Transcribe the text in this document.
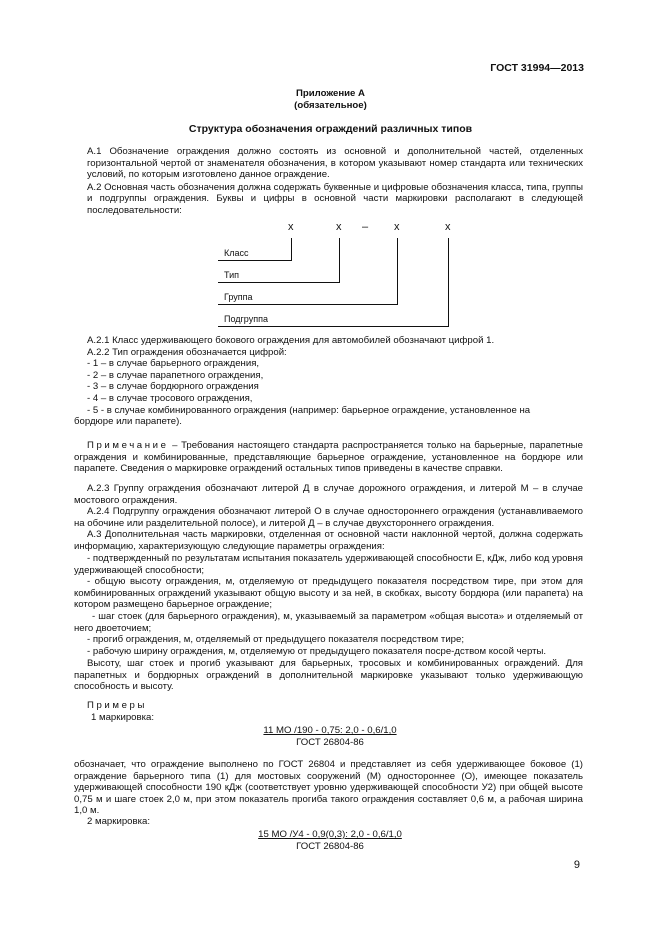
ГОСТ 31994—2013
Приложение А
(обязательное)
Структура обозначения ограждений различных типов

А.1 Обозначение ограждения должно состоять из основной и дополнительной частей, отделенных горизонтальной чертой от знаменателя обозначения, в котором указывают номер стандарта или технических условий, по которым изготовлено данное ограждение.

А.2 Основная часть обозначения должна содержать буквенные и цифровые обозначения класса, типа, группы и подгруппы ограждения. Буквы и цифры в основной части маркировки располагают в следующей последовательности:

х	х – х	х
Класс
Тип
Группа
Подгруппа
А.2.1 Класс удерживающего бокового ограждения для автомобилей обозначают цифрой 1.
А.2.2 Тип ограждения обозначается цифрой:
- 1 – в случае барьерного ограждения,
- 2 – в случае парапетного ограждения,
- 3 – в случае бордюрного ограждения
- 4 – в случае тросового ограждения,
- 5 - в случае комбинированного ограждения (например: барьерное ограждение, установленное на
бордюре или парапете).

Примечание – Требования настоящего стандарта распространяется только на барьерные, парапетные ограждения и комбинированные, представляющие барьерное ограждение, установленное на бордюре или парапете. Сведения о маркировке ограждений остальных типов приведены в качестве справки.

А.2.3 Группу ограждения обозначают литерой Д в случае дорожного ограждения, и литерой М – в случае мостового ограждения.

А.2.4 Подгруппу ограждения обозначают литерой О в случае одностороннего ограждения (устанавливаемого на обочине или разделительной полосе), и литерой Д – в случае двухстороннего ограждения.

А.3 Дополнительная часть маркировки, отделенная от основной части наклонной чертой, должна содержать информацию, характеризующую следующие параметры ограждения:

- подтвержденный по результатам испытания показатель удерживающей способности Е, кДж, либо код уровня удерживающей способности;

- общую высоту ограждения, м, отделяемую от предыдущего показателя посредством тире, при этом для комбинированных ограждений указывают общую высоту и за ней, в скобках, высоту бордюра (или парапета) на котором размещено барьерное ограждение;

- шаг стоек (для барьерного ограждения), м, указываемый за параметром «общая высота» и отделяемый от него двоеточием;

- прогиб ограждения, м, отделяемый от предыдущего показателя посредством тире;

- рабочую ширину ограждения, м, отделяемую от предыдущего показателя посре-дством косой черты.

Высоту, шаг стоек и прогиб указывают для барьерных, тросовых и комбинированных ограждений. Для парапетных и бордюрных ограждений в дополнительной маркировке указывают только удерживающую способность и высоту.

Примеры
1 маркировка:
11 МО /190 - 0,75: 2,0 - 0,6/1,0
ГОСТ 26804-86

обозначает, что ограждение выполнено по ГОСТ 26804 и представляет из себя удерживающее боковое (1) ограждение барьерного типа (1) для мостовых сооружений (М) одностороннее (О), имеющее показатель удерживающей способности 190 кДж (соответствует уровню удерживающей способности У2) при общей высоте 0,75 м и шаге стоек 2,0 м, при этом показатель прогиба такого ограждения составляет 0,6 м, а рабочая ширина 1,0 м.

2 маркировка:
15 МО /У4 - 0,9(0,3): 2,0 - 0,6/1,0
ГОСТ 26804-86
9
